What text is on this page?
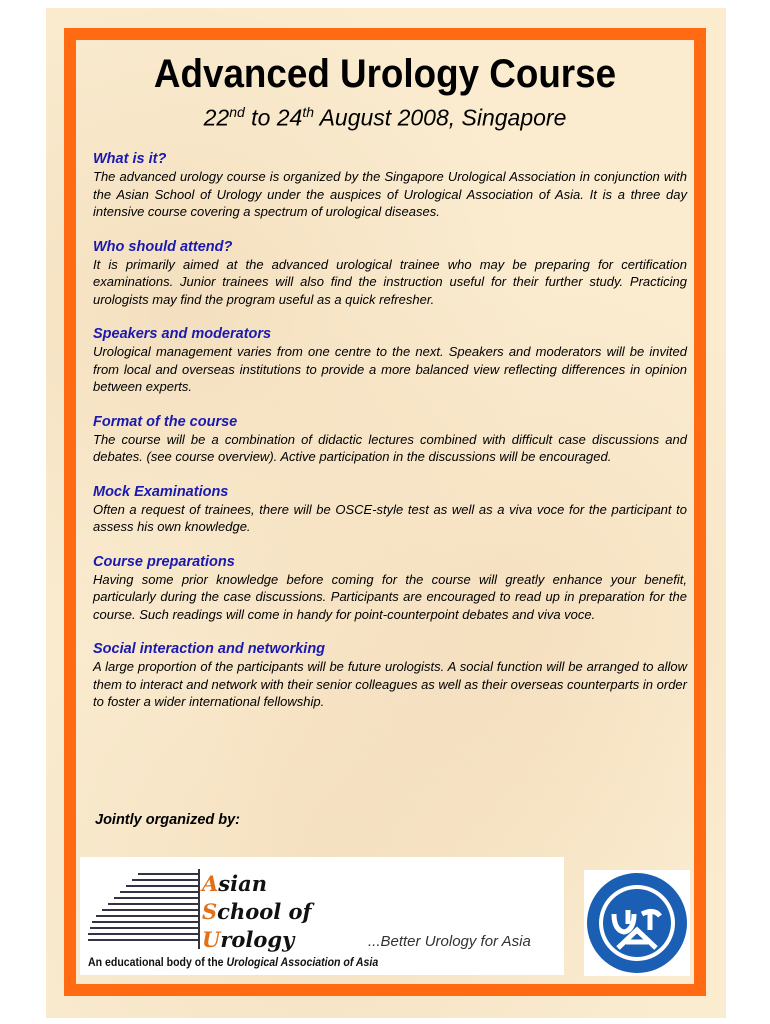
Advanced Urology Course
22nd to 24th August 2008, Singapore
What is it?
The advanced urology course is organized by the Singapore Urological Association in conjunction with the Asian School of Urology under the auspices of Urological Association of Asia. It is a three day intensive course covering a spectrum of urological diseases.
Who should attend?
It is primarily aimed at the advanced urological trainee who may be preparing for certification examinations. Junior trainees will also find the instruction useful for their further study. Practicing urologists may find the program useful as a quick refresher.
Speakers and moderators
Urological management varies from one centre to the next. Speakers and moderators will be invited from local and overseas institutions to provide a more balanced view reflecting differences in opinion between experts.
Format of the course
The course will be a combination of didactic lectures combined with difficult case discussions and debates. (see course overview). Active participation in the discussions will be encouraged.
Mock Examinations
Often a request of trainees, there will be OSCE-style test as well as a viva voce for the participant to assess his own knowledge.
Course preparations
Having some prior knowledge before coming for the course will greatly enhance your benefit, particularly during the case discussions. Participants are encouraged to read up in preparation for the course. Such readings will come in handy for point-counterpoint debates and viva voce.
Social interaction and networking
A large proportion of the participants will be future urologists. A social function will be arranged to allow them to interact and network with their senior colleagues as well as their overseas counterparts in order to foster a wider international fellowship.
Jointly organized by:
Asian
School of
Urology	...Better Urology for Asia
An educational body of the Urological Association of Asia
